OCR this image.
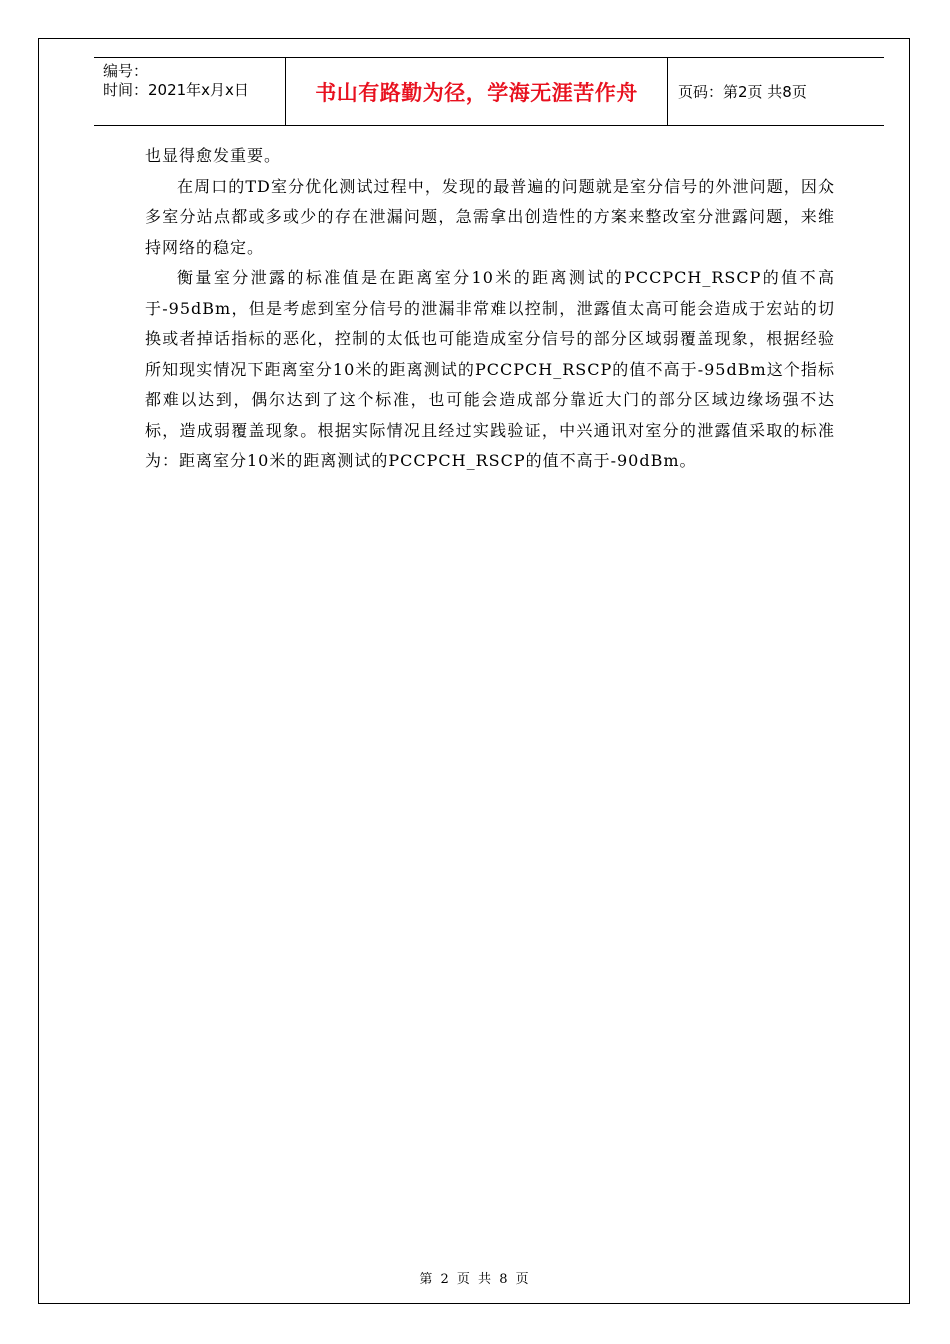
编号：
时间：2021年x月x日	书山有路勤为径，学海无涯苦作舟	页码：第2页 共8页

也显得愈发重要。

在周口的TD室分优化测试过程中，发现的最普遍的问题就是室分信号的外泄问题，因众多室分站点都或多或少的存在泄漏问题，急需拿出创造性的方案来整改室分泄露问题，来维持网络的稳定。

衡量室分泄露的标准值是在距离室分10米的距离测试的PCCPCH_RSCP的值不高于-95dBm，但是考虑到室分信号的泄漏非常难以控制，泄露值太高可能会造成于宏站的切换或者掉话指标的恶化，控制的太低也可能造成室分信号的部分区域弱覆盖现象，根据经验所知现实情况下距离室分10米的距离测试的PCCPCH_RSCP的值不高于-95dBm这个指标都难以达到，偶尔达到了这个标准，也可能会造成部分靠近大门的部分区域边缘场强不达标，造成弱覆盖现象。根据实际情况且经过实践验证，中兴通讯对室分的泄露值采取的标准为：距离室分10米的距离测试的PCCPCH_RSCP的值不高于-90dBm。

第 2 页 共 8 页
